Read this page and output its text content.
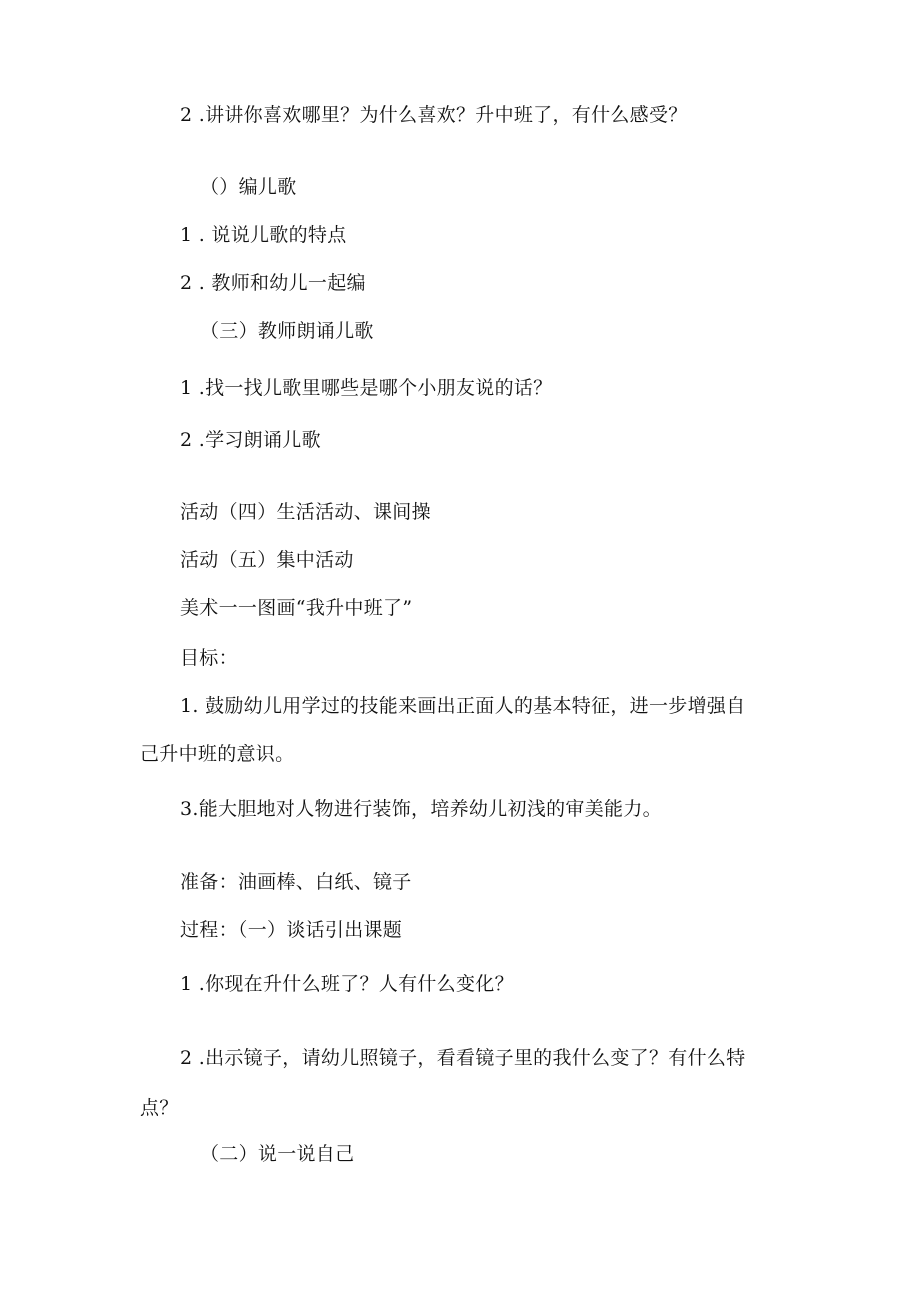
2 .讲讲你喜欢哪里？为什么喜欢？升中班了，有什么感受？
（）编儿歌
1 . 说说儿歌的特点
2 . 教师和幼儿一起编
（三）教师朗诵儿歌
1 .找一找儿歌里哪些是哪个小朋友说的话？
2 .学习朗诵儿歌
活动（四）生活活动、课间操
活动（五）集中活动
美术一一图画“我升中班了”
目标：
1. 鼓励幼儿用学过的技能来画出正面人的基本特征，进一步增强自
己升中班的意识。
3.能大胆地对人物进行装饰，培养幼儿初浅的审美能力。
准备：油画棒、白纸、镜子
过程：（一）谈话引出课题
1 .你现在升什么班了？人有什么变化？
2 .出示镜子，请幼儿照镜子，看看镜子里的我什么变了？有什么特
点？
（二）说一说自己
